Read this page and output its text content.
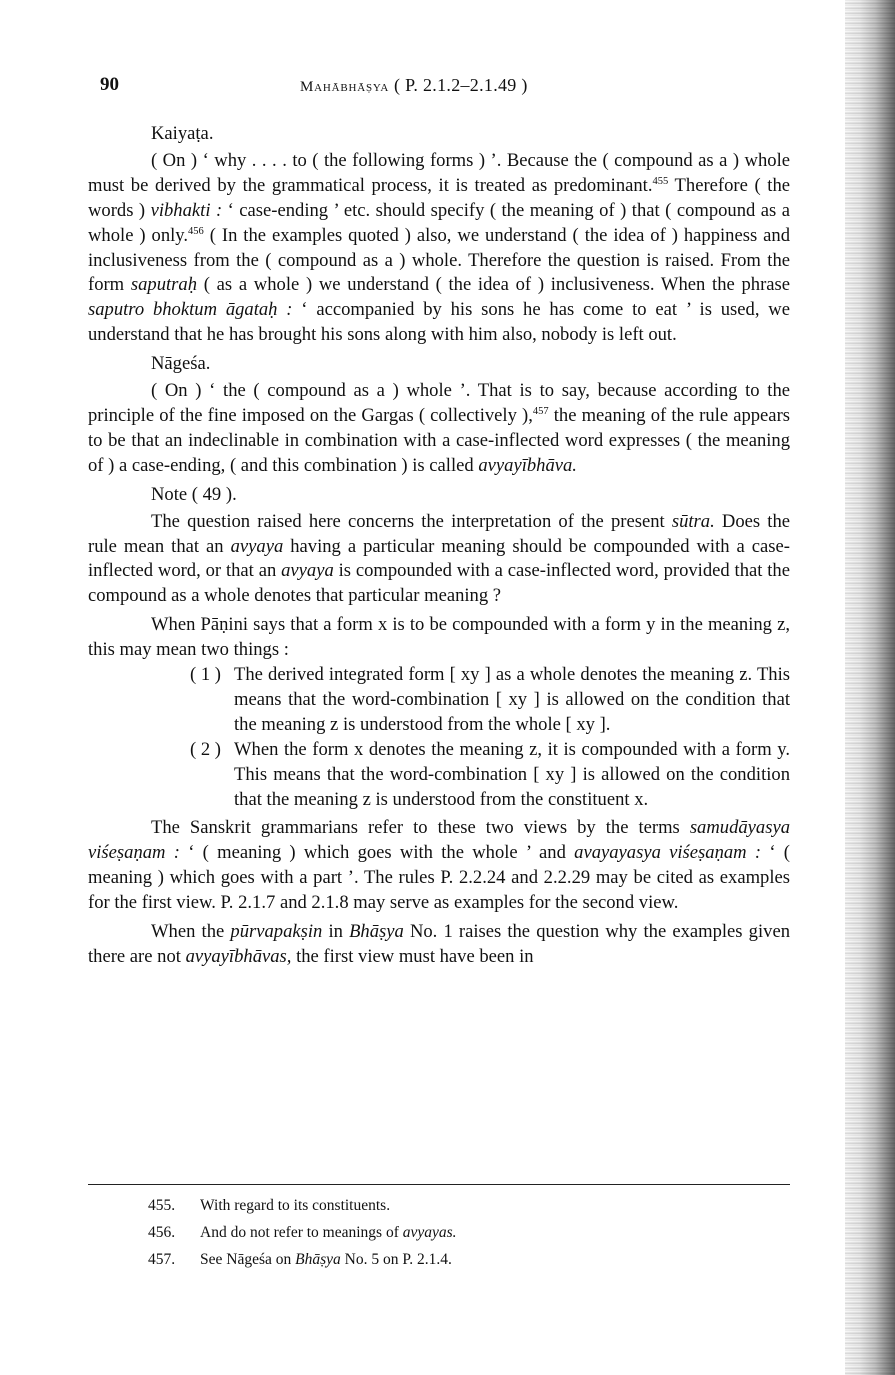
90	Mahābhāṣya ( P. 2.1.2–2.1.49 )

Kaiyaṭa.

( On ) ‘ why . . . . to ( the following forms ) ’. Because the ( compound as a ) whole must be derived by the grammatical process, it is treated as predominant.$^{455}$ Therefore ( the words ) vibhakti : ‘ case-ending ’ etc. should specify ( the meaning of ) that ( compound as a whole ) only.$^{456}$ ( In the examples quoted ) also, we understand ( the idea of ) happiness and inclusiveness from the ( compound as a ) whole. Therefore the question is raised. From the form saputraḥ ( as a whole ) we understand ( the idea of ) inclusiveness. When the phrase saputro bhoktum āgataḥ : ‘ accompanied by his sons he has come to eat ’ is used, we understand that he has brought his sons along with him also, nobody is left out.

Nāgeśa.

( On ) ‘ the ( compound as a ) whole ’. That is to say, because according to the principle of the fine imposed on the Gargas ( collectively ),$^{457}$ the meaning of the rule appears to be that an indeclinable in combination with a case-inflected word expresses ( the meaning of ) a case-ending, ( and this combination ) is called avyayībhāva.

Note ( 49 ).

The question raised here concerns the interpretation of the present sūtra. Does the rule mean that an avyaya having a particular meaning should be compounded with a case-inflected word, or that an avyaya is compounded with a case-inflected word, provided that the compound as a whole denotes that particular meaning ?

When Pāṇini says that a form x is to be compounded with a form y in the meaning z, this may mean two things :

( 1 ) The derived integrated form [ xy ] as a whole denotes the meaning z. This means that the word-combination [ xy ] is allowed on the condition that the meaning z is understood from the whole [ xy ].
( 2 ) When the form x denotes the meaning z, it is compounded with a form y. This means that the word-combination [ xy ] is allowed on the condition that the meaning z is understood from the constituent x.

The Sanskrit grammarians refer to these two views by the terms samudāyasya viśeṣaṇam : ‘ ( meaning ) which goes with the whole ’ and avayayasya viśeṣaṇam : ‘ ( meaning ) which goes with a part ’. The rules P. 2.2.24 and 2.2.29 may be cited as examples for the first view. P. 2.1.7 and 2.1.8 may serve as examples for the second view.

When the pūrvapakṣin in Bhāṣya No. 1 raises the question why the examples given there are not avyayībhāvas, the first view must have been in

455.	With regard to its constituents.
456.	And do not refer to meanings of avyayas.
457.	See Nāgeśa on Bhāṣya No. 5 on P. 2.1.4.
